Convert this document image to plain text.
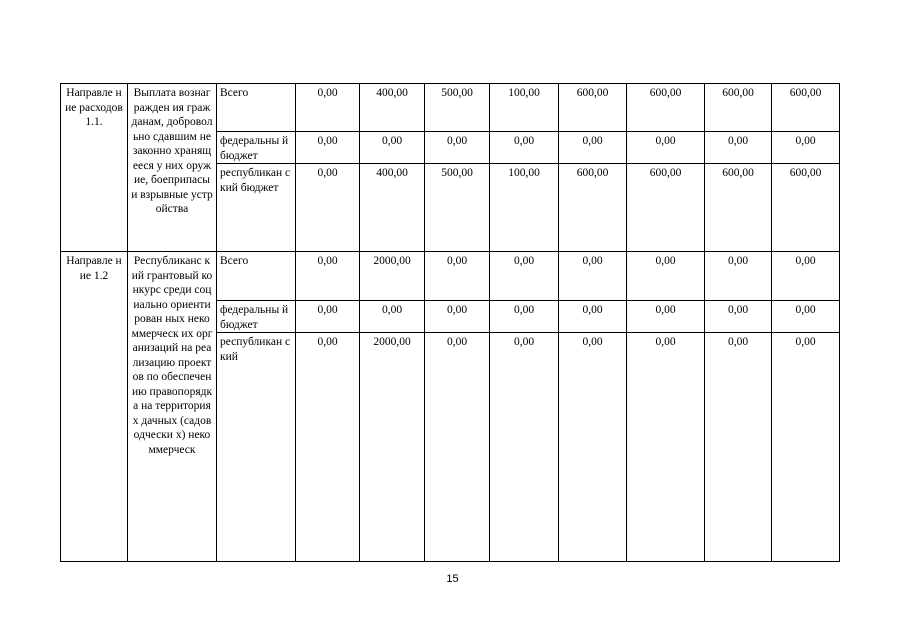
Направле ние расходов 1.1.	Выплата вознагражден ия гражданам, добровольно сдавшим незаконно хранящееся у них оружие, боеприпасы и взрывные устройства	Всего	0,00	400,00	500,00	100,00	600,00	600,00	600,00	600,00
		федеральны й бюджет	0,00	0,00	0,00	0,00	0,00	0,00	0,00	0,00
		республикан ский бюджет	0,00	400,00	500,00	100,00	600,00	600,00	600,00	600,00
Направле ние 1.2	Республиканс кий грантовый конкурс среди социально ориентирован ных некоммерческ их организаций на реализацию проектов по обеспечению правопорядка на территориях дачных (садоводчески х) некоммерческ	Всего	0,00	2000,00	0,00	0,00	0,00	0,00	0,00	0,00
		федеральны й бюджет	0,00	0,00	0,00	0,00	0,00	0,00	0,00	0,00
		республикан ский	0,00	2000,00	0,00	0,00	0,00	0,00	0,00	0,00
15
